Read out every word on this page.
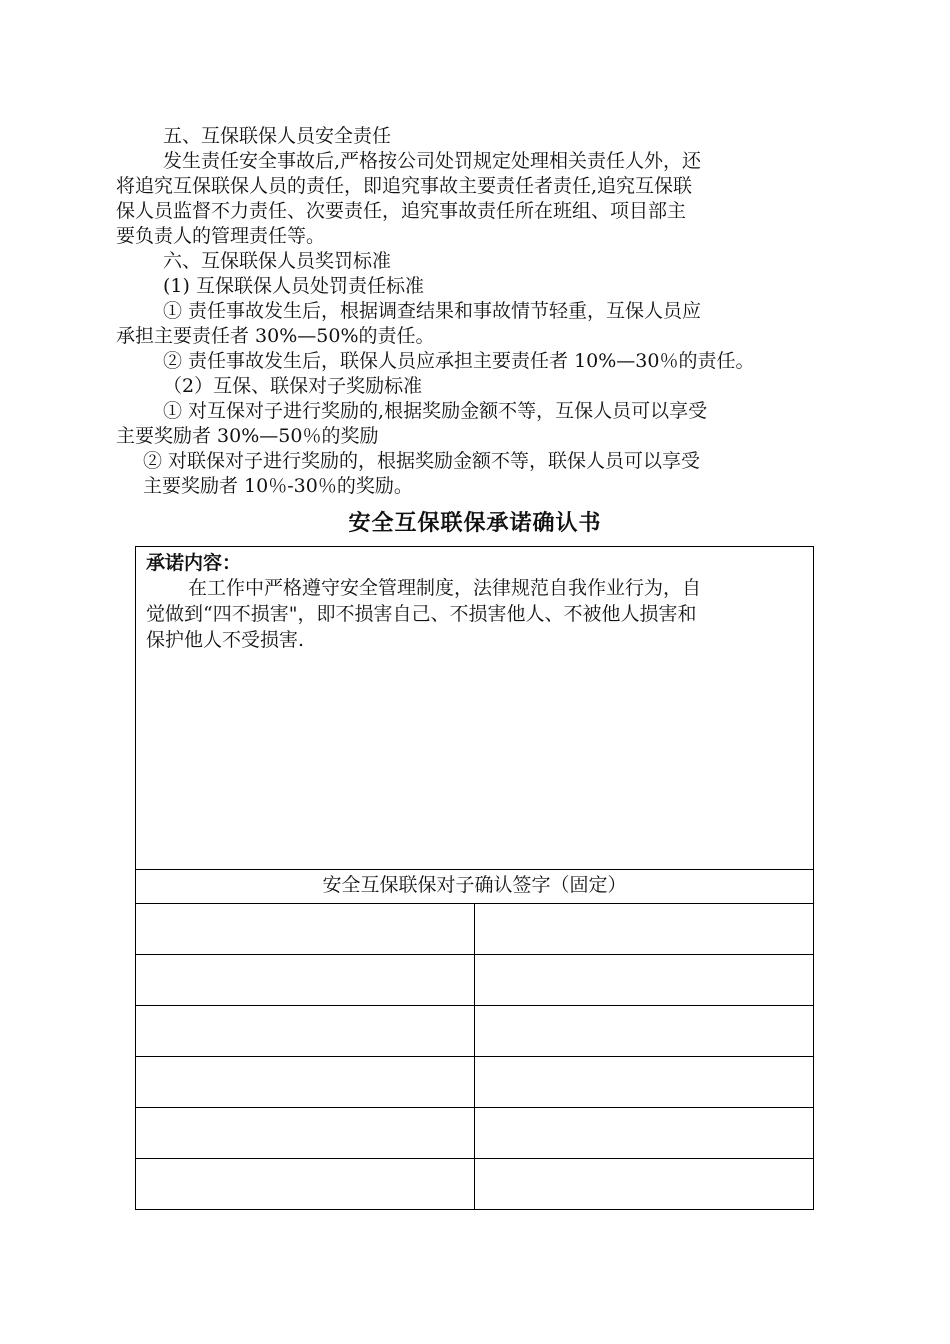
五、互保联保人员安全责任
发生责任安全事故后,严格按公司处罚规定处理相关责任人外，还
将追究互保联保人员的责任，即追究事故主要责任者责任,追究互保联
保人员监督不力责任、次要责任，追究事故责任所在班组、项目部主
要负责人的管理责任等。
六、互保联保人员奖罚标准
(1) 互保联保人员处罚责任标准
① 责任事故发生后，根据调查结果和事故情节轻重，互保人员应
承担主要责任者 30%—50%的责任。
② 责任事故发生后，联保人员应承担主要责任者 10%—30％的责任。
（2）互保、联保对子奖励标准
① 对互保对子进行奖励的,根据奖励金额不等，互保人员可以享受
主要奖励者 30%—50％的奖励
② 对联保对子进行奖励的，根据奖励金额不等，联保人员可以享受
主要奖励者 10％-30％的奖励。
安全互保联保承诺确认书
承诺内容：
在工作中严格遵守安全管理制度，法律规范自我作业行为，自
觉做到“四不损害"，即不损害自己、不损害他人、不被他人损害和
保护他人不受损害.
安全互保联保对子确认签字（固定）
